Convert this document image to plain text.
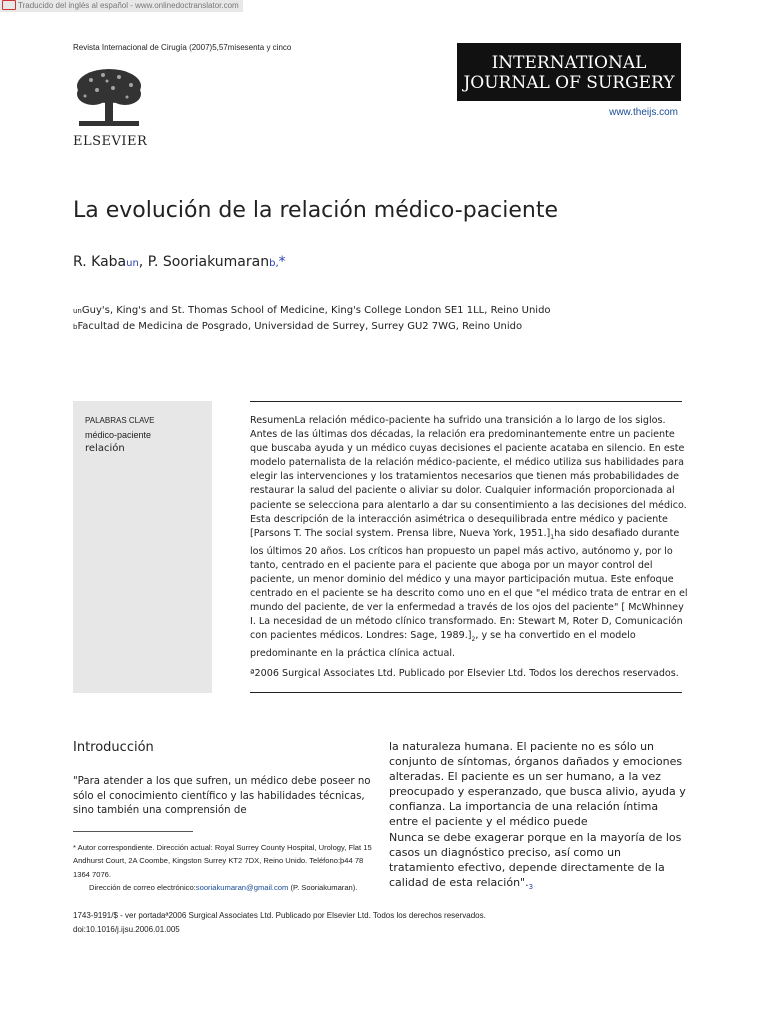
Traducido del inglés al español - www.onlinedoctranslator.com
Revista Internacional de Cirugía (2007)5,57misesenta y cinco
ELSEVIER
INTERNATIONAL
JOURNAL OF SURGERY
www.theijs.com
La evolución de la relación médico-paciente
R. Kabaun, P. Sooriakumaranb,*
unGuy's, King's and St. Thomas School of Medicine, King's College London SE1 1LL, Reino Unido
bFacultad de Medicina de Posgrado, Universidad de Surrey, Surrey GU2 7WG, Reino Unido
PALABRAS CLAVE
médico-paciente
relación
ResumenLa relación médico-paciente ha sufrido una transición a lo largo de los siglos. Antes de las últimas dos décadas, la relación era predominantemente entre un paciente que buscaba ayuda y un médico cuyas decisiones el paciente acataba en silencio. En este modelo paternalista de la relación médico-paciente, el médico utiliza sus habilidades para elegir las intervenciones y los tratamientos necesarios que tienen más probabilidades de restaurar la salud del paciente o aliviar su dolor. Cualquier información proporcionada al paciente se selecciona para alentarlo a dar su consentimiento a las decisiones del médico. Esta descripción de la interacción asimétrica o desequilibrada entre médico y paciente [Parsons T. The social system. Prensa libre, Nueva York, $1951.]_1ha$ sido desafiado durante los últimos 20 años. Los críticos han propuesto un papel más activo, autónomo y, por lo tanto, centrado en el paciente para el paciente que aboga por un mayor control del paciente, un menor dominio del médico y una mayor participación mutua. Este enfoque centrado en el paciente se ha descrito como uno en el que "el médico trata de entrar en el mundo del paciente, de ver la enfermedad a través de los ojos del paciente" [ McWhinney I. La necesidad de un método clínico transformado. En: Stewart M, Roter D, Comunicación con pacientes médicos. Londres: Sage, $1989.]_2$, y se ha convertido en el modelo predominante en la práctica clínica actual.
ª2006 Surgical Associates Ltd. Publicado por Elsevier Ltd. Todos los derechos reservados.
Introducción
"Para atender a los que sufren, un médico debe poseer no sólo el conocimiento científico y las habilidades técnicas, sino también una comprensión de
la naturaleza humana. El paciente no es sólo un conjunto de síntomas, órganos dañados y emociones alteradas. El paciente es un ser humano, a la vez preocupado y esperanzado, que busca alivio, ayuda y confianza. La importancia de una relación íntima entre el paciente y el médico puede
Nunca se debe exagerar porque en la mayoría de los casos un diagnóstico preciso, así como un tratamiento efectivo, depende directamente de la calidad de esta $relación"._3$
* Autor correspondiente. Dirección actual: Royal Surrey County Hospital, Urology, Flat 15 Andhurst Court, 2A Coombe, Kingston Surrey KT2 7DX, Reino Unido. Teléfono:þ44 78 1364 7076.
Dirección de correo electrónico:sooriakumaran@gmail.com (P. Sooriakumaran).
1743-9191/$ - ver portadaª2006 Surgical Associates Ltd. Publicado por Elsevier Ltd. Todos los derechos reservados.
doi:10.1016/j.ijsu.2006.01.005
